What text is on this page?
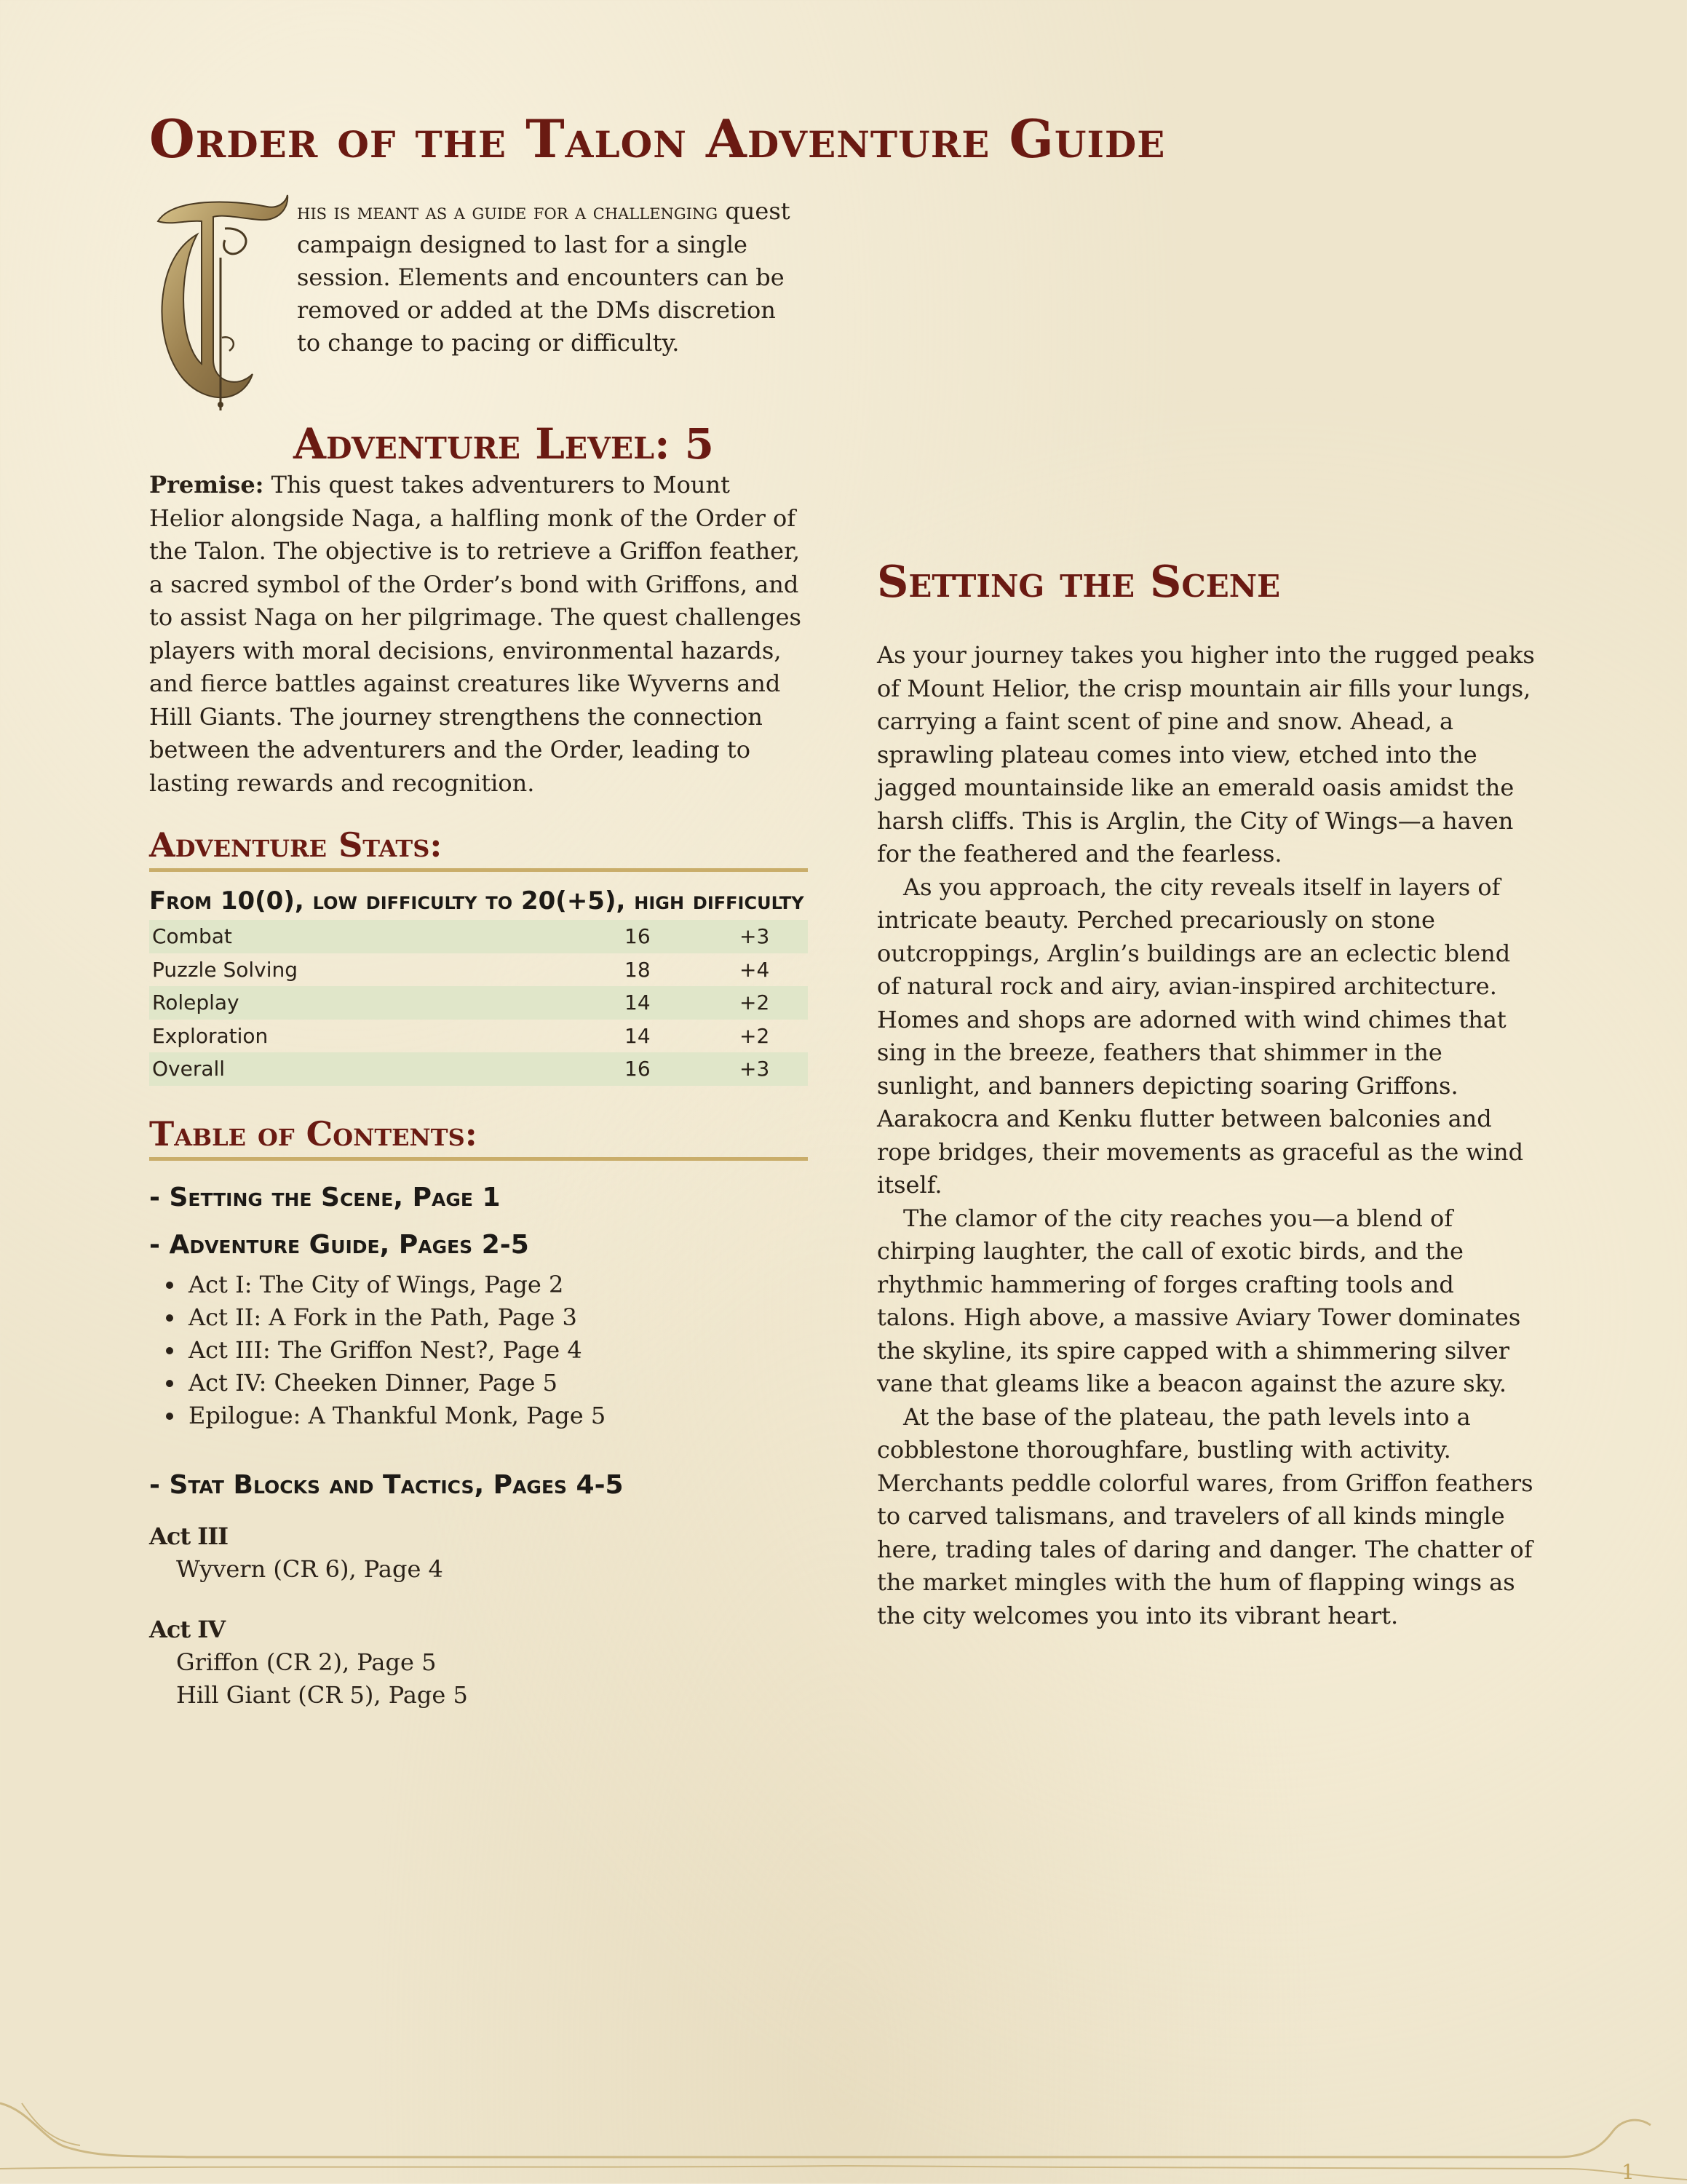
Order of the Talon Adventure Guide

his is meant as a guide for a challenging quest campaign designed to last for a single session. Elements and encounters can be removed or added at the DMs discretion to change to pacing or difficulty.

Adventure Level: 5

Premise: This quest takes adventurers to Mount Helior alongside Naga, a halfling monk of the Order of the Talon. The objective is to retrieve a Griffon feather, a sacred symbol of the Order’s bond with Griffons, and to assist Naga on her pilgrimage. The quest challenges players with moral decisions, environmental hazards, and fierce battles against creatures like Wyverns and Hill Giants. The journey strengthens the connection between the adventurers and the Order, leading to lasting rewards and recognition.

Adventure Stats:
From 10(0), low difficulty to 20(+5), high difficulty
Combat	16	+3
Puzzle Solving	18	+4
Roleplay	14	+2
Exploration	14	+2
Overall	16	+3
Table of Contents:
- Setting the Scene, Page 1
- Adventure Guide, Pages 2-5
• Act I: The City of Wings, Page 2
• Act II: A Fork in the Path, Page 3
• Act III: The Griffon Nest?, Page 4
• Act IV: Cheeken Dinner, Page 5
• Epilogue: A Thankful Monk, Page 5
- Stat Blocks and Tactics, Pages 4-5

Act III

Wyvern (CR 6), Page 4

Act IV

Griffon (CR 2), Page 5

Hill Giant (CR 5), Page 5

Setting the Scene

As your journey takes you higher into the rugged peaks of Mount Helior, the crisp mountain air fills your lungs, carrying a faint scent of pine and snow. Ahead, a sprawling plateau comes into view, etched into the jagged mountainside like an emerald oasis amidst the harsh cliffs. This is Arglin, the City of Wings—a haven for the feathered and the fearless.

As you approach, the city reveals itself in layers of intricate beauty. Perched precariously on stone outcroppings, Arglin’s buildings are an eclectic blend of natural rock and airy, avian-inspired architecture. Homes and shops are adorned with wind chimes that sing in the breeze, feathers that shimmer in the sunlight, and banners depicting soaring Griffons. Aarakocra and Kenku flutter between balconies and rope bridges, their movements as graceful as the wind itself.

The clamor of the city reaches you—a blend of chirping laughter, the call of exotic birds, and the rhythmic hammering of forges crafting tools and talons. High above, a massive Aviary Tower dominates the skyline, its spire capped with a shimmering silver vane that gleams like a beacon against the azure sky.

At the base of the plateau, the path levels into a cobblestone thoroughfare, bustling with activity. Merchants peddle colorful wares, from Griffon feathers to carved talismans, and travelers of all kinds mingle here, trading tales of daring and danger. The chatter of the market mingles with the hum of flapping wings as the city welcomes you into its vibrant heart.

1
